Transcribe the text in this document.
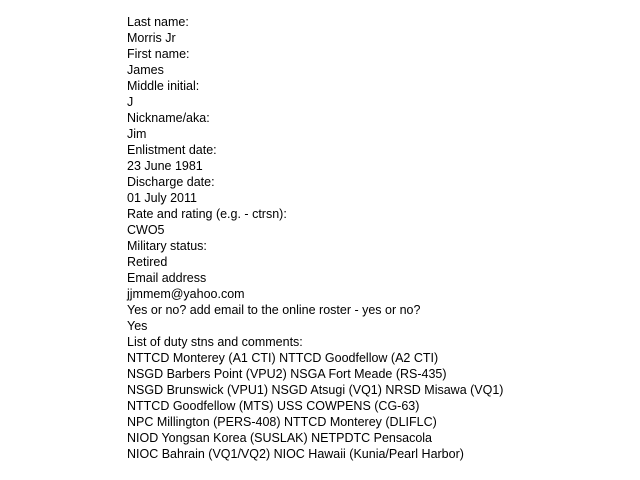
Last name:
Morris Jr
First name:
James
Middle initial:
J
Nickname/aka:
Jim
Enlistment date:
23 June 1981
Discharge date:
01 July 2011
Rate and rating (e.g. - ctrsn):
CWO5
Military status:
Retired
Email address
jjmmem@yahoo.com
Yes or no? add email to the online roster - yes or no?
Yes
List of duty stns and comments:
NTTCD Monterey (A1 CTI) NTTCD Goodfellow (A2 CTI)
NSGD Barbers Point (VPU2) NSGA Fort Meade (RS-435)
NSGD Brunswick (VPU1) NSGD Atsugi (VQ1) NRSD Misawa (VQ1)
NTTCD Goodfellow (MTS) USS COWPENS (CG-63)
NPC Millington (PERS-408) NTTCD Monterey (DLIFLC)
NIOD Yongsan Korea (SUSLAK) NETPDTC Pensacola
NIOC Bahrain (VQ1/VQ2) NIOC Hawaii (Kunia/Pearl Harbor)
